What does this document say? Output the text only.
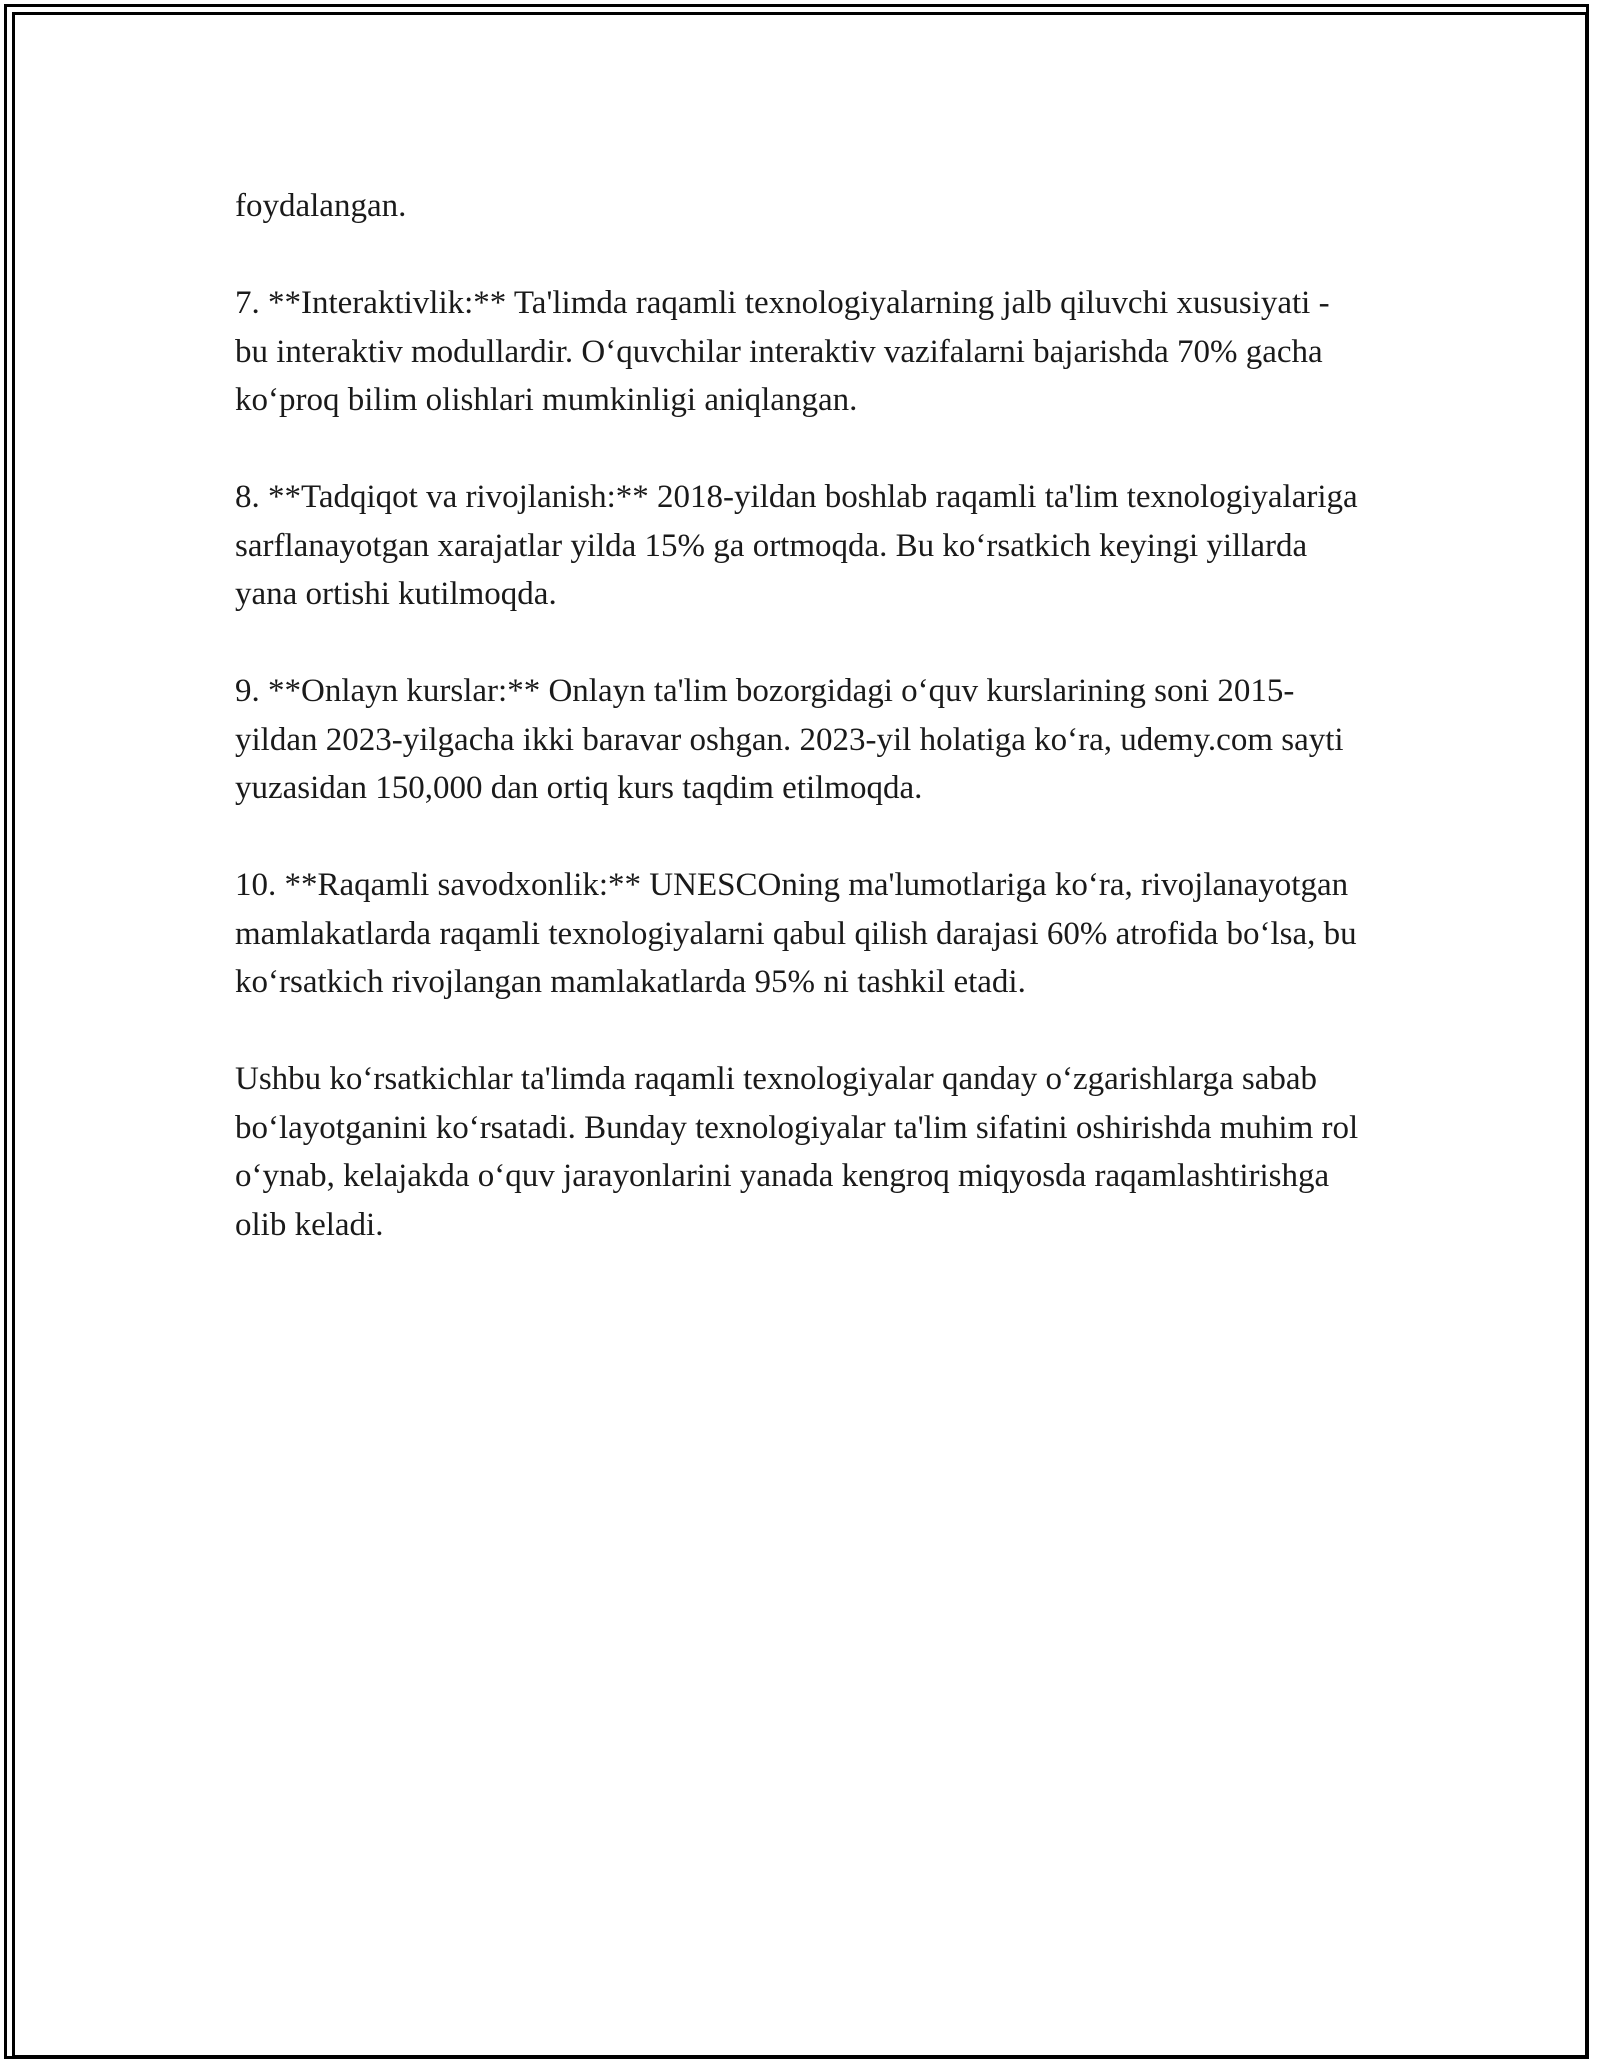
foydalangan.

7. **Interaktivlik:** Ta'limda raqamli texnologiyalarning jalb qiluvchi xususiyati - bu interaktiv modullardir. O‘quvchilar interaktiv vazifalarni bajarishda 70% gacha ko‘proq bilim olishlari mumkinligi aniqlangan.

8. **Tadqiqot va rivojlanish:** 2018-yildan boshlab raqamli ta'lim texnologiyalariga sarflanayotgan xarajatlar yilda 15% ga ortmoqda. Bu ko‘rsatkich keyingi yillarda yana ortishi kutilmoqda.

9. **Onlayn kurslar:** Onlayn ta'lim bozorgidagi o‘quv kurslarining soni 2015-yildan 2023-yilgacha ikki baravar oshgan. 2023-yil holatiga ko‘ra, udemy.com sayti yuzasidan 150,000 dan ortiq kurs taqdim etilmoqda.

10. **Raqamli savodxonlik:** UNESCOning ma'lumotlariga ko‘ra, rivojlanayotgan mamlakatlarda raqamli texnologiyalarni qabul qilish darajasi 60% atrofida bo‘lsa, bu ko‘rsatkich rivojlangan mamlakatlarda 95% ni tashkil etadi.

Ushbu ko‘rsatkichlar ta'limda raqamli texnologiyalar qanday o‘zgarishlarga sabab bo‘layotganini ko‘rsatadi. Bunday texnologiyalar ta'lim sifatini oshirishda muhim rol o‘ynab, kelajakda o‘quv jarayonlarini yanada kengroq miqyosda raqamlashtirishga olib keladi.
